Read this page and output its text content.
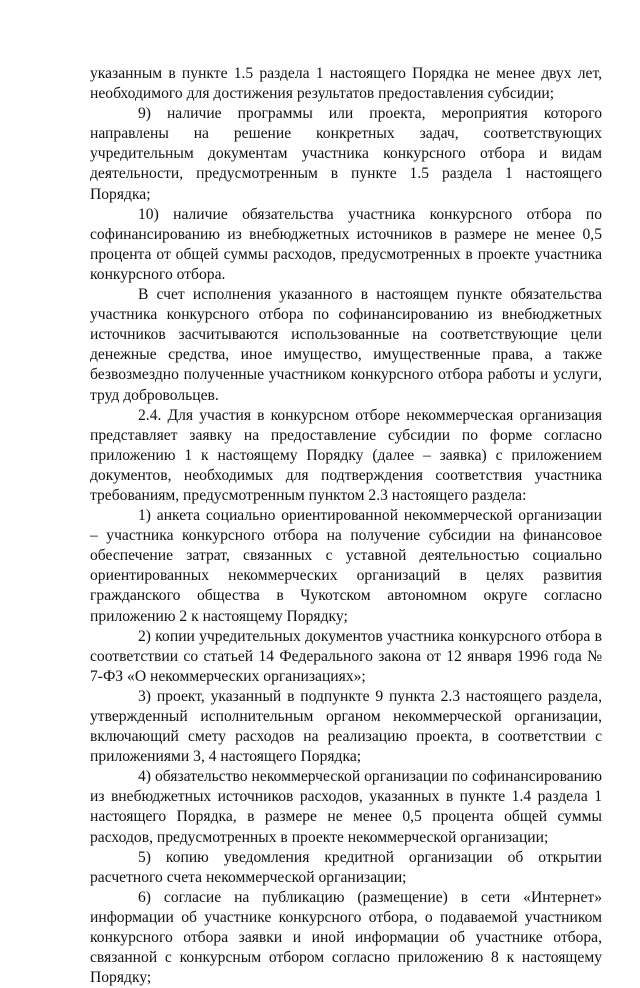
указанным в пункте 1.5 раздела 1 настоящего Порядка не менее двух лет, необходимого для достижения результатов предоставления субсидии;

9) наличие программы или проекта, мероприятия которого направлены на решение конкретных задач, соответствующих учредительным документам участника конкурсного отбора и видам деятельности, предусмотренным в пункте 1.5 раздела 1 настоящего Порядка;

10) наличие обязательства участника конкурсного отбора по софинансированию из внебюджетных источников в размере не менее 0,5 процента от общей суммы расходов, предусмотренных в проекте участника конкурсного отбора.

В счет исполнения указанного в настоящем пункте обязательства участника конкурсного отбора по софинансированию из внебюджетных источников засчитываются использованные на соответствующие цели денежные средства, иное имущество, имущественные права, а также безвозмездно полученные участником конкурсного отбора работы и услуги, труд добровольцев.

2.4. Для участия в конкурсном отборе некоммерческая организация представляет заявку на предоставление субсидии по форме согласно приложению 1 к настоящему Порядку (далее – заявка) с приложением документов, необходимых для подтверждения соответствия участника требованиям, предусмотренным пунктом 2.3 настоящего раздела:

1) анкета социально ориентированной некоммерческой организации – участника конкурсного отбора на получение субсидии на финансовое обеспечение затрат, связанных с уставной деятельностью социально ориентированных некоммерческих организаций в целях развития гражданского общества в Чукотском автономном округе согласно приложению 2 к настоящему Порядку;

2) копии учредительных документов участника конкурсного отбора в соответствии со статьей 14 Федерального закона от 12 января 1996 года № 7-ФЗ «О некоммерческих организациях»;

3) проект, указанный в подпункте 9 пункта 2.3 настоящего раздела, утвержденный исполнительным органом некоммерческой организации, включающий смету расходов на реализацию проекта, в соответствии с приложениями 3, 4 настоящего Порядка;

4) обязательство некоммерческой организации по софинансированию из внебюджетных источников расходов, указанных в пункте 1.4 раздела 1 настоящего Порядка, в размере не менее 0,5 процента общей суммы расходов, предусмотренных в проекте некоммерческой организации;

5) копию уведомления кредитной организации об открытии расчетного счета некоммерческой организации;

6) согласие на публикацию (размещение) в сети «Интернет» информации об участнике конкурсного отбора, о подаваемой участником конкурсного отбора заявки и иной информации об участнике отбора, связанной с конкурсным отбором согласно приложению 8 к настоящему Порядку;
